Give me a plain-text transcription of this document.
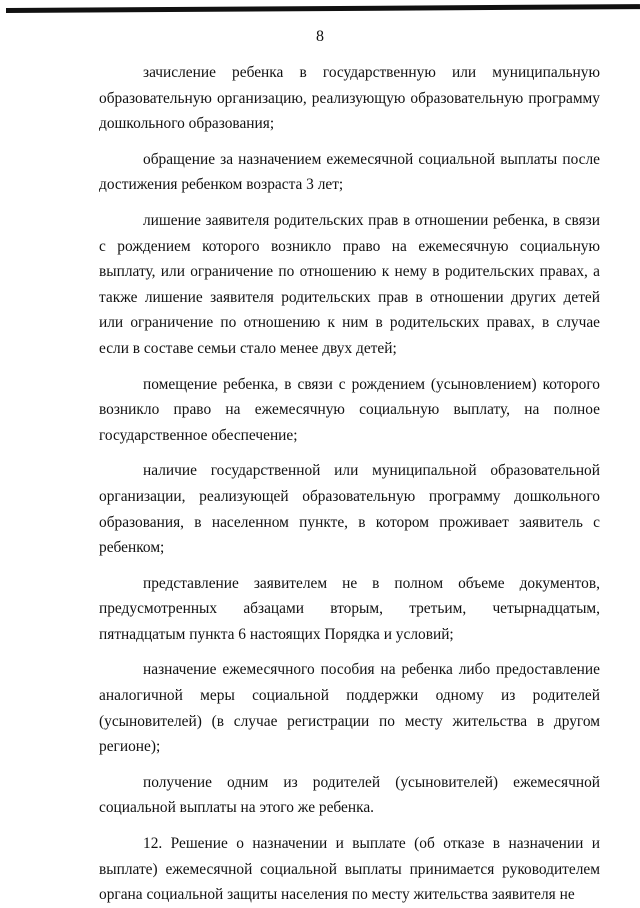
8

зачисление ребенка в государственную или муниципальную образовательную организацию, реализующую образовательную программу дошкольного образования;

обращение за назначением ежемесячной социальной выплаты после достижения ребенком возраста 3 лет;

лишение заявителя родительских прав в отношении ребенка, в связи с рождением которого возникло право на ежемесячную социальную выплату, или ограничение по отношению к нему в родительских правах, а также лишение заявителя родительских прав в отношении других детей или ограничение по отношению к ним в родительских правах, в случае если в составе семьи стало менее двух детей;

помещение ребенка, в связи с рождением (усыновлением) которого возникло право на ежемесячную социальную выплату, на полное государственное обеспечение;

наличие государственной или муниципальной образовательной организации, реализующей образовательную программу дошкольного образования, в населенном пункте, в котором проживает заявитель с ребенком;

представление заявителем не в полном объеме документов, предусмотренных абзацами вторым, третьим, четырнадцатым, пятнадцатым пункта 6 настоящих Порядка и условий;

назначение ежемесячного пособия на ребенка либо предоставление аналогичной меры социальной поддержки одному из родителей (усыновителей) (в случае регистрации по месту жительства в другом регионе);

получение одним из родителей (усыновителей) ежемесячной социальной выплаты на этого же ребенка.

12. Решение о назначении и выплате (об отказе в назначении и выплате) ежемесячной социальной выплаты принимается руководителем органа социальной защиты населения по месту жительства заявителя не
